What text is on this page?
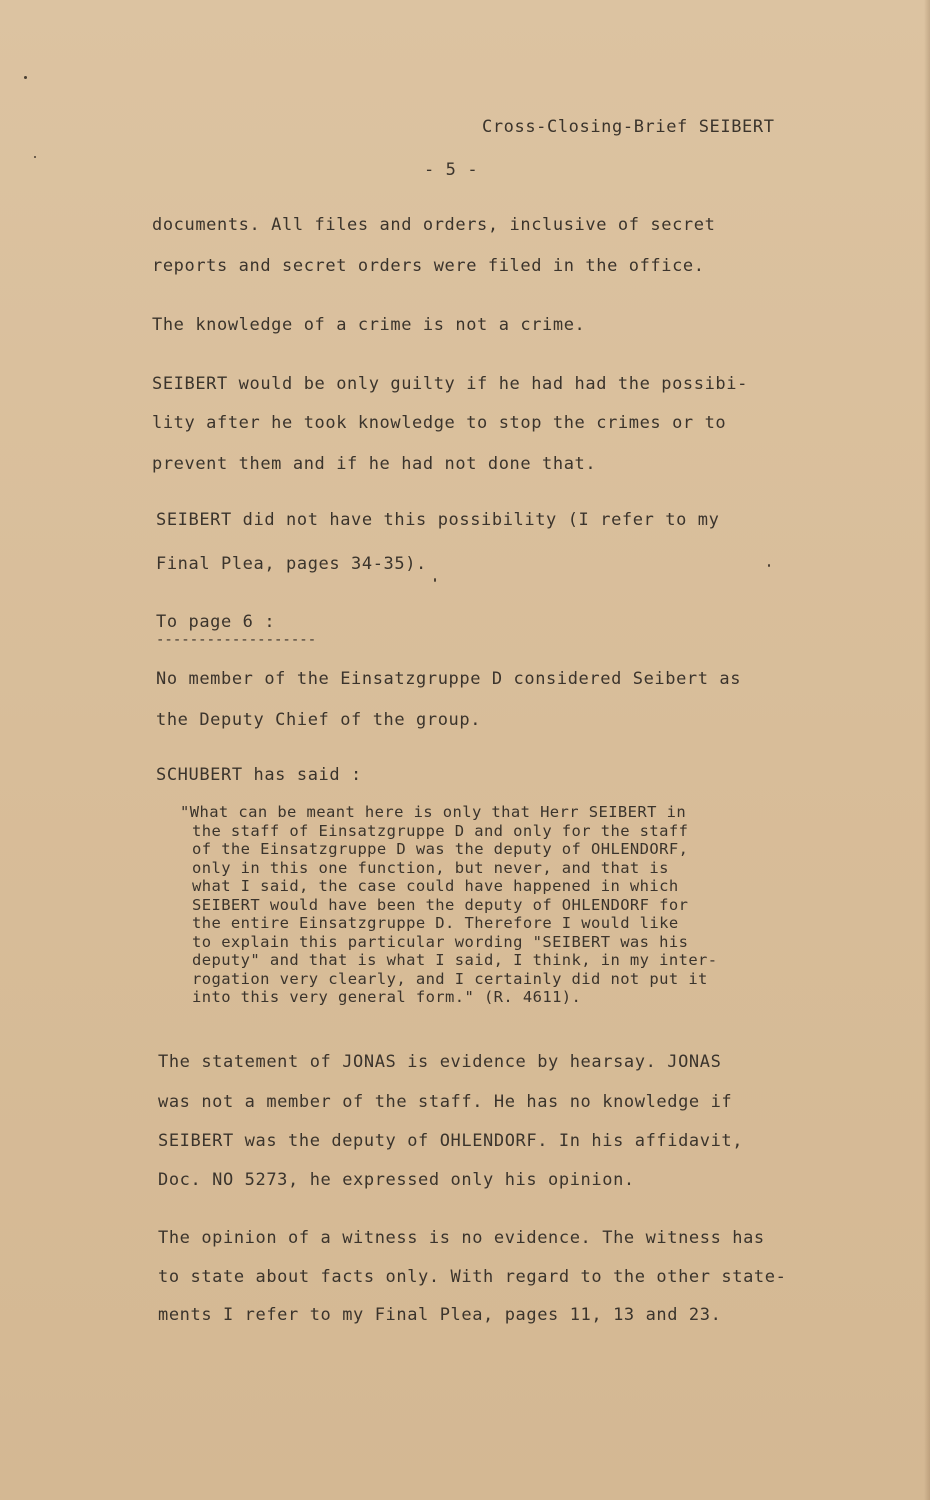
Cross-Closing-Brief SEIBERT

- 5 -

documents. All files and orders, inclusive of secret

reports and secret orders were filed in the office.

The knowledge of a crime is not a crime.

SEIBERT would be only guilty if he had had the possibi-

lity after he took knowledge to stop the crimes or to

prevent them and if he had not done that.

SEIBERT did not have this possibility (I refer to my

Final Plea, pages 34-35).

To page 6 :

-------------------

No member of the Einsatzgruppe D considered Seibert as

the Deputy Chief of the group.

SCHUBERT has said :

"What can be meant here is only that Herr SEIBERT in

the staff of Einsatzgruppe D and only for the staff

of the Einsatzgruppe D was the deputy of OHLENDORF,

only in this one function, but never, and that is

what I said, the case could have happened in which

SEIBERT would have been the deputy of OHLENDORF for

the entire Einsatzgruppe D. Therefore I would like

to explain this particular wording "SEIBERT was his

deputy" and that is what I said, I think, in my inter-

rogation very clearly, and I certainly did not put it

into this very general form." (R. 4611).

The statement of JONAS is evidence by hearsay. JONAS

was not a member of the staff. He has no knowledge if

SEIBERT was the deputy of OHLENDORF. In his affidavit,

Doc. NO 5273, he expressed only his opinion.

The opinion of a witness is no evidence. The witness has

to state about facts only. With regard to the other state-

ments I refer to my Final Plea, pages 11, 13 and 23.
